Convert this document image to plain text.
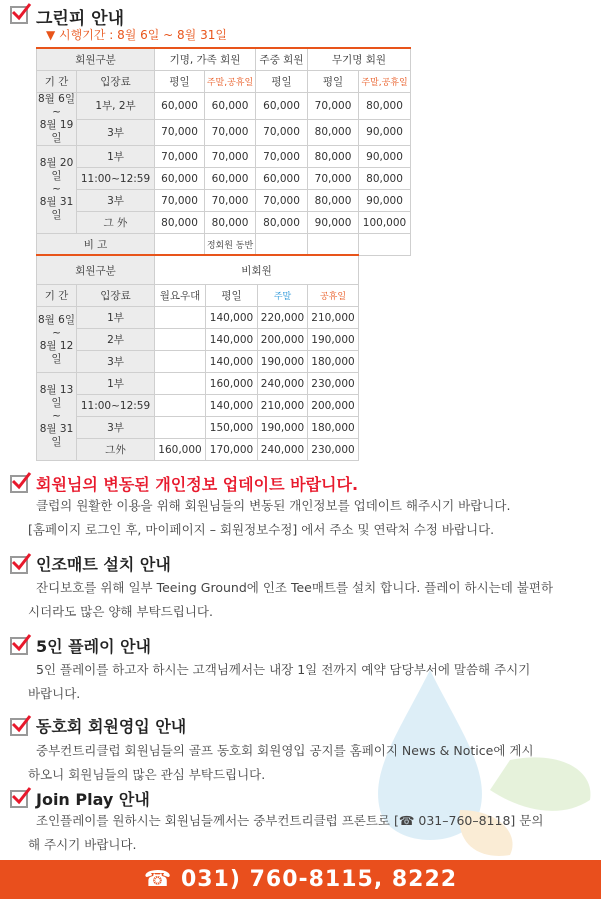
그린피 안내
▼ 시행기간 : 8월 6일 ~ 8월 31일
회원구분		기명, 가족 회원		주중 회원	무기명 회원	
기 간	입장료	평일	주말,공휴일	평일	평일	주말,공휴일

8월 6일
~
8월 19일	1부, 2부	60,000	60,000	60,000	70,000	80,000
	3부	70,000	70,000	70,000	80,000	90,000

8월 20일
~
8월 31일	1부	70,000	70,000	70,000	80,000	90,000
	11:00~12:59	60,000	60,000	60,000	70,000	80,000
	3부	70,000	70,000	70,000	80,000	90,000
	그 外	80,000	80,000	80,000	90,000	100,000
비 고			정회원 동반			
회원구분		비회원			
기 간	입장료	월요우대	평일	주말	공휴일

8월 6일
~
8월 12일	1부		140,000	220,000	210,000
	2부		140,000	200,000	190,000
	3부		140,000	190,000	180,000

8월 13일
~
8월 31일	1부		160,000	240,000	230,000
	11:00~12:59		140,000	210,000	200,000
	3부		150,000	190,000	180,000
	그外	160,000	170,000	240,000	230,000
회원님의 변동된 개인정보 업데이트 바랍니다.
클럽의 원활한 이용을 위해 회원님들의 변동된 개인정보를 업데이트 해주시기 바랍니다.
[홈페이지 로그인 후, 마이페이지 – 회원정보수정] 에서 주소 및 연락처 수정 바랍니다.
인조매트 설치 안내
잔디보호를 위해 일부 Teeing Ground에 인조 Tee매트를 설치 합니다. 플레이 하시는데 불편하
시더라도 많은 양해 부탁드립니다.
5인 플레이 안내
5인 플레이를 하고자 하시는 고객님께서는 내장 1일 전까지 예약 담당부서에 말씀해 주시기
바랍니다.
동호회 회원영입 안내
중부컨트리클럽 회원님들의 골프 동호회 회원영입 공지를 홈페이지 News & Notice에 게시
하오니 회원님들의 많은 관심 부탁드립니다.
Join Play 안내
조인플레이를 원하시는 회원님들께서는 중부컨트리클럽 프론트로 [☎ 031–760–8118] 문의
해 주시기 바랍니다.
☎ 031) 760-8115, 8222
